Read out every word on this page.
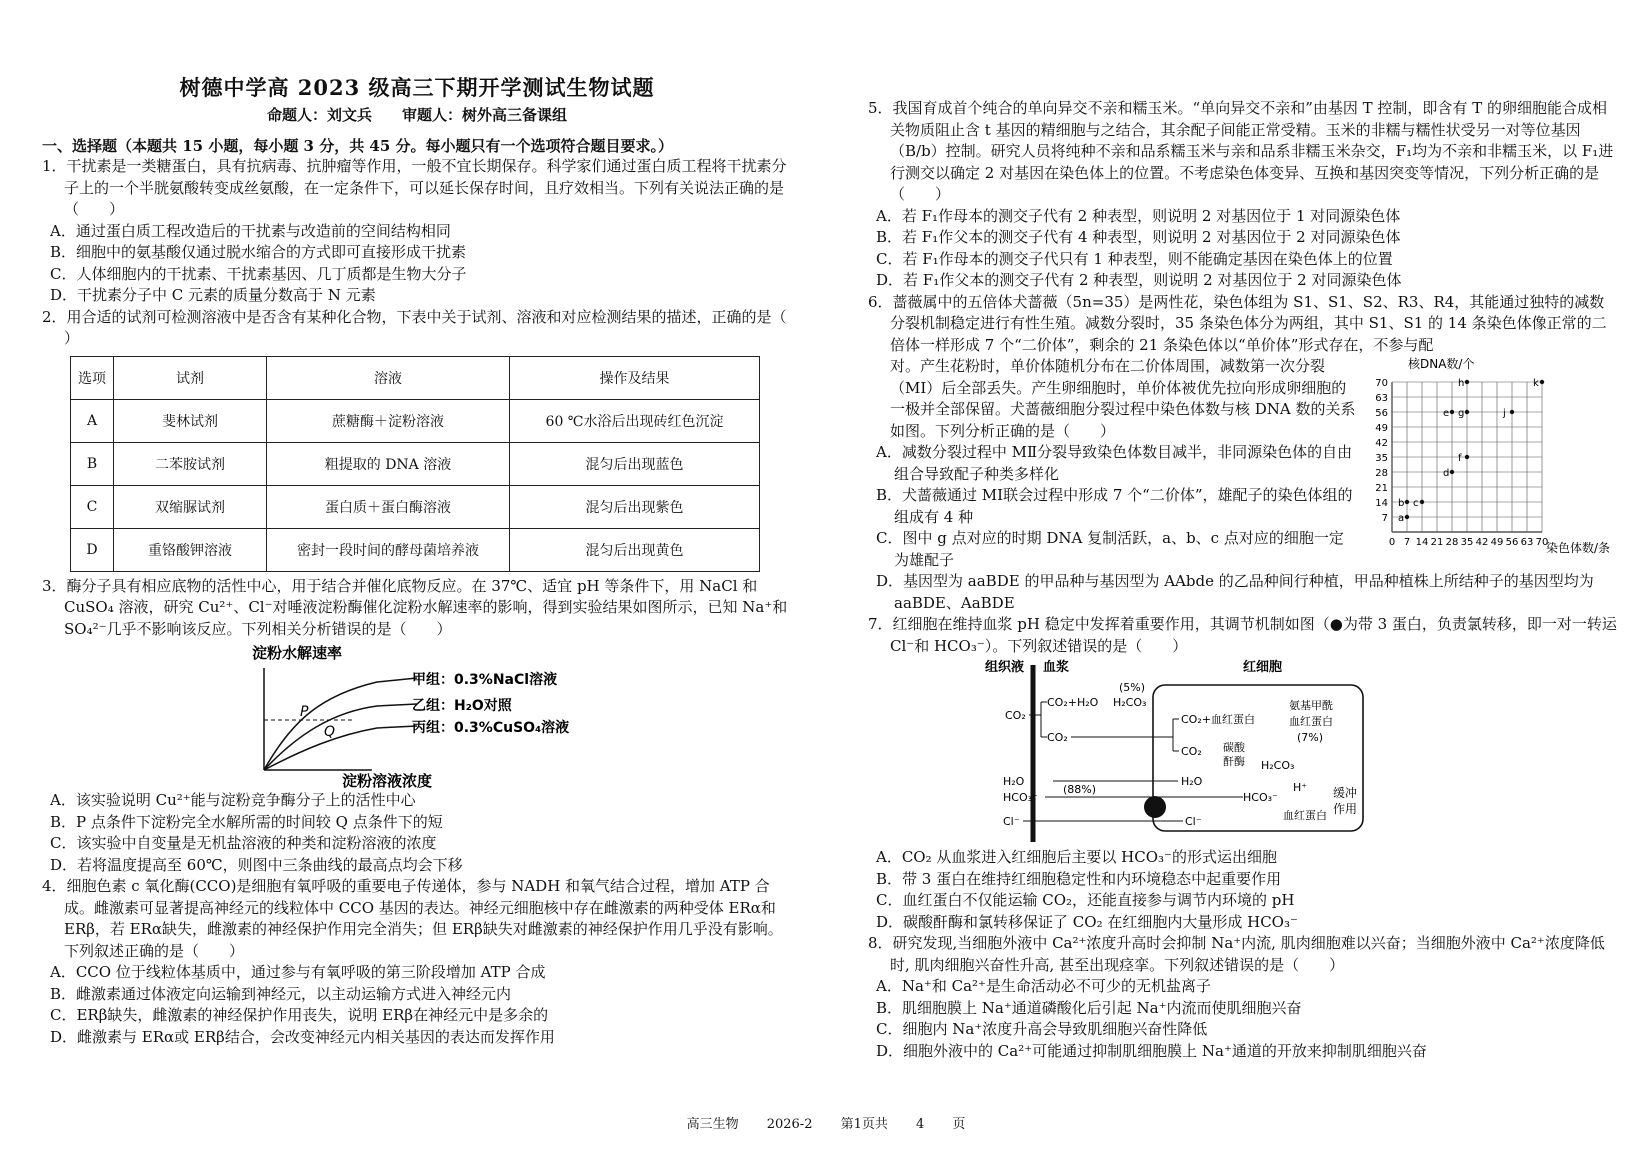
树德中学高 2023 级高三下期开学测试生物试题
命题人：刘文兵　　审题人：树外高三备课组
一、选择题（本题共 15 小题，每小题 3 分，共 45 分。每小题只有一个选项符合题目要求。）

1．干扰素是一类糖蛋白，具有抗病毒、抗肿瘤等作用，一般不宜长期保存。科学家们通过蛋白质工程将干扰素分子上的一个半胱氨酸转变成丝氨酸，在一定条件下，可以延长保存时间，且疗效相当。下列有关说法正确的是（　　）

A．通过蛋白质工程改造后的干扰素与改造前的空间结构相同

B．细胞中的氨基酸仅通过脱水缩合的方式即可直接形成干扰素

C．人体细胞内的干扰素、干扰素基因、几丁质都是生物大分子

D．干扰素分子中 C 元素的质量分数高于 N 元素

2．用合适的试剂可检测溶液中是否含有某种化合物，下表中关于试剂、溶液和对应检测结果的描述，正确的是（ ）

选项	试剂	溶液	操作及结果
A	斐林试剂	蔗糖酶＋淀粉溶液	60 ℃水浴后出现砖红色沉淀
B	二苯胺试剂	粗提取的 DNA 溶液	混匀后出现蓝色
C	双缩脲试剂	蛋白质＋蛋白酶溶液	混匀后出现紫色
D	重铬酸钾溶液	密封一段时间的酵母菌培养液	混匀后出现黄色

3．酶分子具有相应底物的活性中心，用于结合并催化底物反应。在 37℃、适宜 pH 等条件下，用 NaCl 和 CuSO₄ 溶液，研究 Cu²⁺、Cl⁻对唾液淀粉酶催化淀粉水解速率的影响，得到实验结果如图所示，已知 Na⁺和 SO₄²⁻几乎不影响该反应。下列相关分析错误的是（　　）

淀粉水解速率
P
Q
甲组：0.3%NaCl溶液
乙组：H₂O对照
丙组：0.3%CuSO₄溶液
淀粉溶液浓度

A．该实验说明 Cu²⁺能与淀粉竞争酶分子上的活性中心

B．P 点条件下淀粉完全水解所需的时间较 Q 点条件下的短

C．该实验中自变量是无机盐溶液的种类和淀粉溶液的浓度

D．若将温度提高至 60℃，则图中三条曲线的最高点均会下移

4．细胞色素 c 氧化酶(CCO)是细胞有氧呼吸的重要电子传递体，参与 NADH 和氧气结合过程，增加 ATP 合成。雌激素可显著提高神经元的线粒体中 CCO 基因的表达。神经元细胞核中存在雌激素的两种受体 ERα和 ERβ，若 ERα缺失，雌激素的神经保护作用完全消失；但 ERβ缺失对雌激素的神经保护作用几乎没有影响。下列叙述正确的是（　　）

A．CCO 位于线粒体基质中，通过参与有氧呼吸的第三阶段增加 ATP 合成

B．雌激素通过体液定向运输到神经元，以主动运输方式进入神经元内

C．ERβ缺失，雌激素的神经保护作用丧失，说明 ERβ在神经元中是多余的

D．雌激素与 ERα或 ERβ结合，会改变神经元内相关基因的表达而发挥作用

5．我国育成首个纯合的单向异交不亲和糯玉米。“单向异交不亲和”由基因 T 控制，即含有 T 的卵细胞能合成相关物质阻止含 t 基因的精细胞与之结合，其余配子间能正常受精。玉米的非糯与糯性状受另一对等位基因（B/b）控制。研究人员将纯种不亲和品系糯玉米与亲和品系非糯玉米杂交，F₁均为不亲和非糯玉米，以 F₁进行测交以确定 2 对基因在染色体上的位置。不考虑染色体变异、互换和基因突变等情况，下列分析正确的是（　　）

A．若 F₁作母本的测交子代有 2 种表型，则说明 2 对基因位于 1 对同源染色体

B．若 F₁作父本的测交子代有 4 种表型，则说明 2 对基因位于 2 对同源染色体

C．若 F₁作母本的测交子代只有 1 种表型，则不能确定基因在染色体上的位置

D．若 F₁作父本的测交子代有 2 种表型，则说明 2 对基因位于 2 对同源染色体

6．蔷薇属中的五倍体犬蔷薇（5n=35）是两性花，染色体组为 S1、S1、S2、R3、R4，其能通过独特的减数分裂机制稳定进行有性生殖。减数分裂时，35 条染色体分为两组，其中 S1、S1 的 14 条染色体像正常的二倍体一样形成 7 个“二价体”，剩余的 21 条染色体以“单价体”形式存在，不参与配

对。产生花粉时，单价体随机分布在二价体周围，减数第一次分裂（MⅠ）后全部丢失。产生卵细胞时，单价体被优先拉向形成卵细胞的一极并全部保留。犬蔷薇细胞分裂过程中染色体数与核 DNA 数的关系如图。下列分析正确的是（　　）

A．减数分裂过程中 MⅡ分裂导致染色体数目减半，非同源染色体的自由组合导致配子种类多样化

B．犬蔷薇通过 MⅠ联会过程中形成 7 个“二价体”，雄配子的染色体组的组成有 4 种

C．图中 g 点对应的时期 DNA 复制活跃，a、b、c 点对应的细胞一定为雄配子

核DNA数/个
染色体数/条
0 7 14 21 28 35 42 49 56 63 70
7
14
21
28
35
42
49
56
63
70
a
b c
d
e
f
g
h
j
k

D．基因型为 aaBDE 的甲品种与基因型为 AAbde 的乙品种间行种植，甲品种植株上所结种子的基因型均为 aaBDE、AaBDE

7．红细胞在维持血浆 pH 稳定中发挥着重要作用，其调节机制如图（●为带 3 蛋白，负责氯转移，即一对一转运 Cl⁻和 HCO₃⁻）。下列叙述错误的是（　　）

组织液 血浆	红细胞
CO₂
CO₂+H₂O H₂CO₃
(5%)
CO₂
CO₂+血红蛋白
氨基甲酰
血红蛋白
(7%)
CO₂ 碳酸
酐酶 H₂CO₃
H₂O	H₂O
HCO₃⁻
(88%)
HCO₃⁻
Cl⁻	Cl⁻
H⁺
血红蛋白
缓冲
作用

A．CO₂ 从血浆进入红细胞后主要以 HCO₃⁻的形式运出细胞

B．带 3 蛋白在维持红细胞稳定性和内环境稳态中起重要作用

C．血红蛋白不仅能运输 CO₂，还能直接参与调节内环境的 pH

D．碳酸酐酶和氯转移保证了 CO₂ 在红细胞内大量形成 HCO₃⁻

8．研究发现,当细胞外液中 Ca²⁺浓度升高时会抑制 Na⁺内流, 肌肉细胞难以兴奋；当细胞外液中 Ca²⁺浓度降低时, 肌肉细胞兴奋性升高, 甚至出现痉挛。下列叙述错误的是（　　）

A．Na⁺和 Ca²⁺是生命活动必不可少的无机盐离子

B．肌细胞膜上 Na⁺通道磷酸化后引起 Na⁺内流而使肌细胞兴奋

C．细胞内 Na⁺浓度升高会导致肌细胞兴奋性降低

D．细胞外液中的 Ca²⁺可能通过抑制肌细胞膜上 Na⁺通道的开放来抑制肌细胞兴奋

高三生物 2026-2 第1页共 4 页
